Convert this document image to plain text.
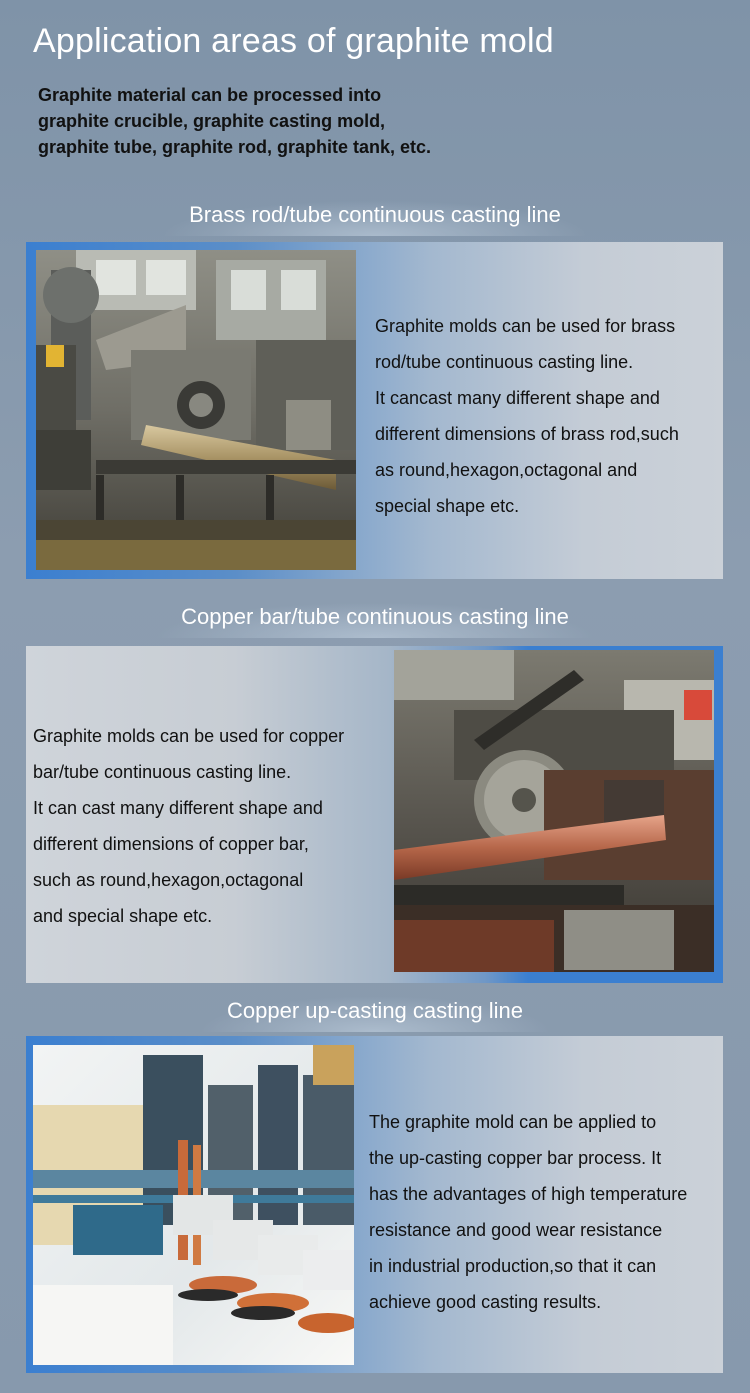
Application areas of graphite mold

Graphite material can be processed into
graphite crucible, graphite casting mold,
graphite tube, graphite rod, graphite tank, etc.

Brass rod/tube continuous casting line
Graphite molds can be used for brass
rod/tube continuous casting line.
It cancast many different shape and
different dimensions of brass rod,such
as round,hexagon,octagonal and
special shape etc.
Copper bar/tube continuous casting line
Graphite molds can be used for copper
bar/tube continuous casting line.
It can cast many different shape and
different dimensions of copper bar,
such as round,hexagon,octagonal
and special shape etc.
Copper up-casting casting line
The graphite mold can be applied to
the up-casting copper bar process. It
has the advantages of high temperature
resistance and good wear resistance
in industrial production,so that it can
achieve good casting results.
